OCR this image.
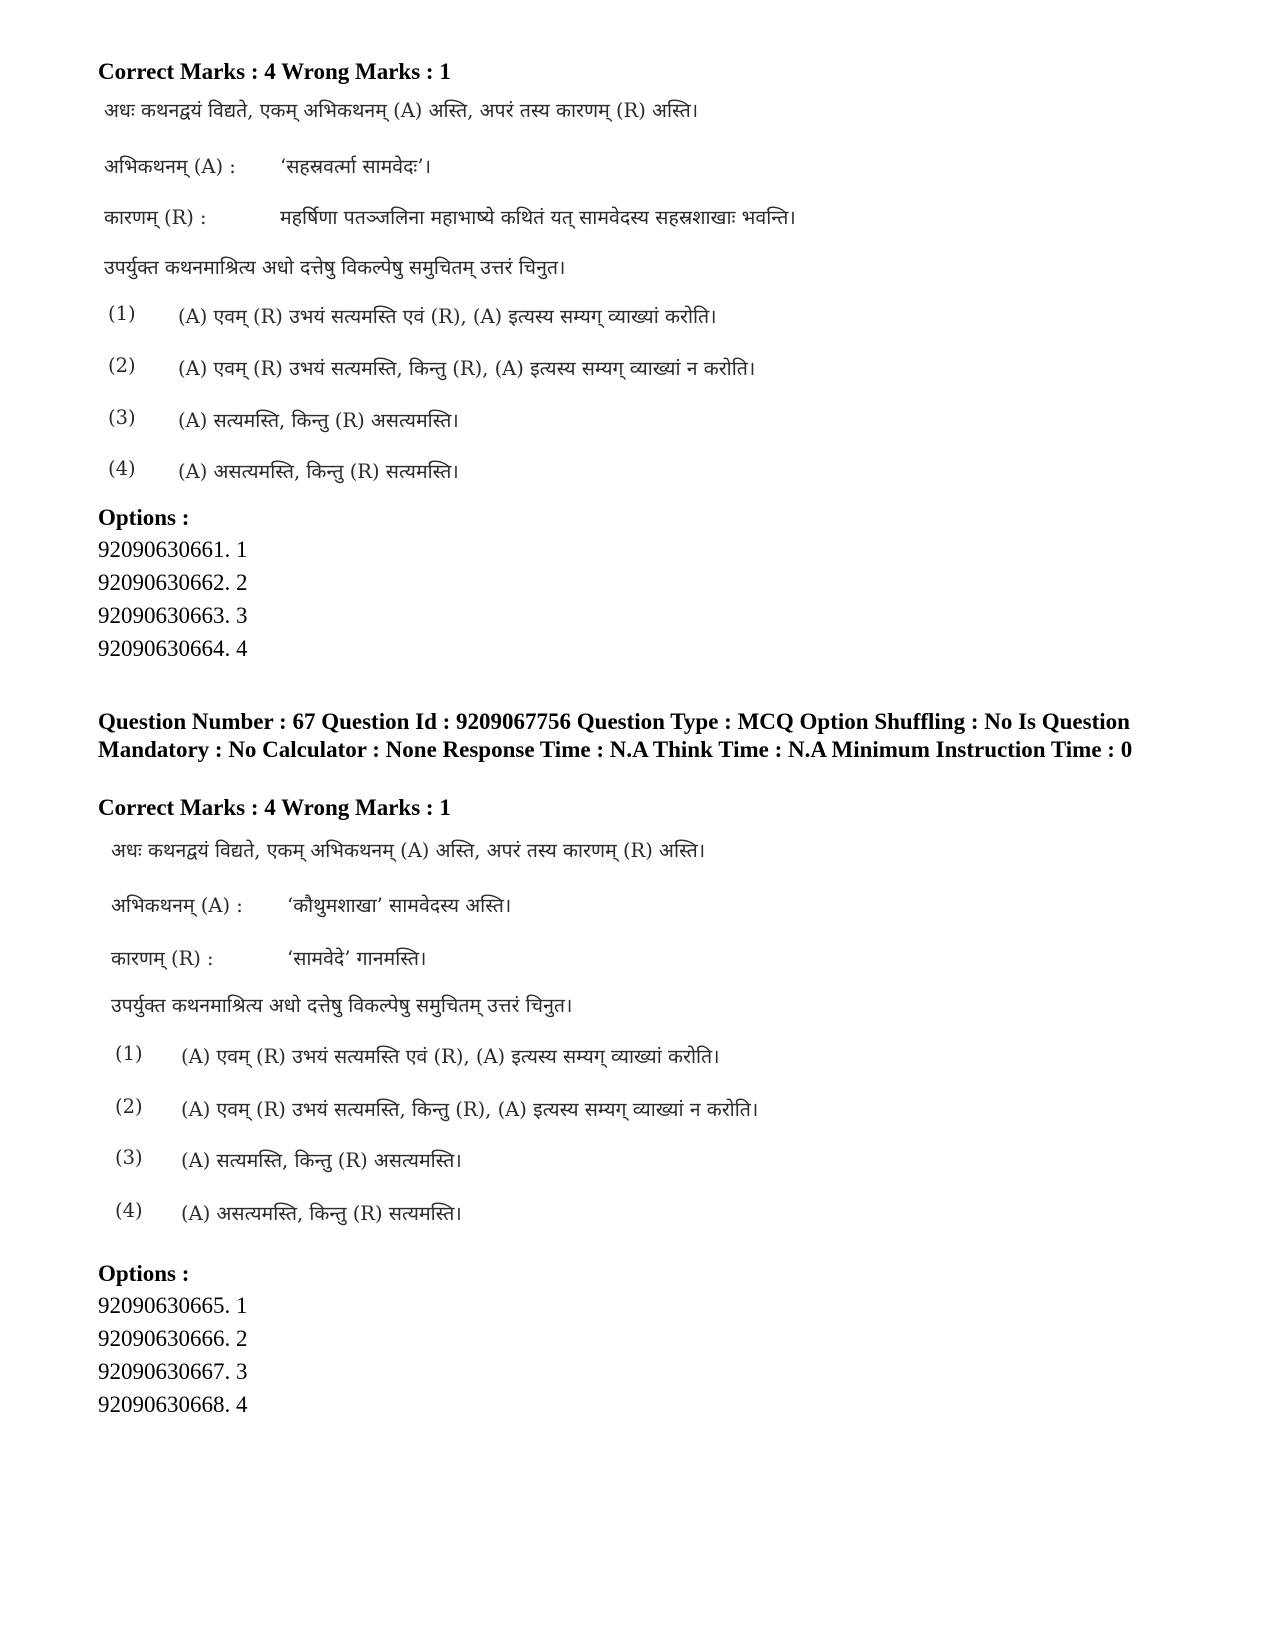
Correct Marks : 4 Wrong Marks : 1
अधः कथनद्वयं विद्यते, एकम् अभिकथनम् (A) अस्ति, अपरं तस्य कारणम् (R) अस्ति।
अभिकथनम् (A) : ‘सहस्रवर्त्मा सामवेदः’।
कारणम् (R) :	महर्षिणा पतञ्जलिना महाभाष्ये कथितं यत् सामवेदस्य सहस्रशाखाः भवन्ति।
उपर्युक्त कथनमाश्रित्य अधो दत्तेषु विकल्पेषु समुचितम् उत्तरं चिनुत।
(1) (A) एवम् (R) उभयं सत्यमस्ति एवं (R), (A) इत्यस्य सम्यग् व्याख्यां करोति।
(2) (A) एवम् (R) उभयं सत्यमस्ति, किन्तु (R), (A) इत्यस्य सम्यग् व्याख्यां न करोति।
(3) (A) सत्यमस्ति, किन्तु (R) असत्यमस्ति।
(4) (A) असत्यमस्ति, किन्तु (R) सत्यमस्ति।
Options :
92090630661. 1
92090630662. 2
92090630663. 3
92090630664. 4
Question Number : 67 Question Id : 9209067756 Question Type : MCQ Option Shuffling : No Is Question Mandatory : No Calculator : None Response Time : N.A Think Time : N.A Minimum Instruction Time : 0
Correct Marks : 4 Wrong Marks : 1
अधः कथनद्वयं विद्यते, एकम् अभिकथनम् (A) अस्ति, अपरं तस्य कारणम् (R) अस्ति।
अभिकथनम् (A) : ‘कौथुमशाखा’ सामवेदस्य अस्ति।
कारणम् (R) :	‘सामवेदे’ गानमस्ति।
उपर्युक्त कथनमाश्रित्य अधो दत्तेषु विकल्पेषु समुचितम् उत्तरं चिनुत।
(1) (A) एवम् (R) उभयं सत्यमस्ति एवं (R), (A) इत्यस्य सम्यग् व्याख्यां करोति।
(2) (A) एवम् (R) उभयं सत्यमस्ति, किन्तु (R), (A) इत्यस्य सम्यग् व्याख्यां न करोति।
(3) (A) सत्यमस्ति, किन्तु (R) असत्यमस्ति।
(4) (A) असत्यमस्ति, किन्तु (R) सत्यमस्ति।
Options :
92090630665. 1
92090630666. 2
92090630667. 3
92090630668. 4
